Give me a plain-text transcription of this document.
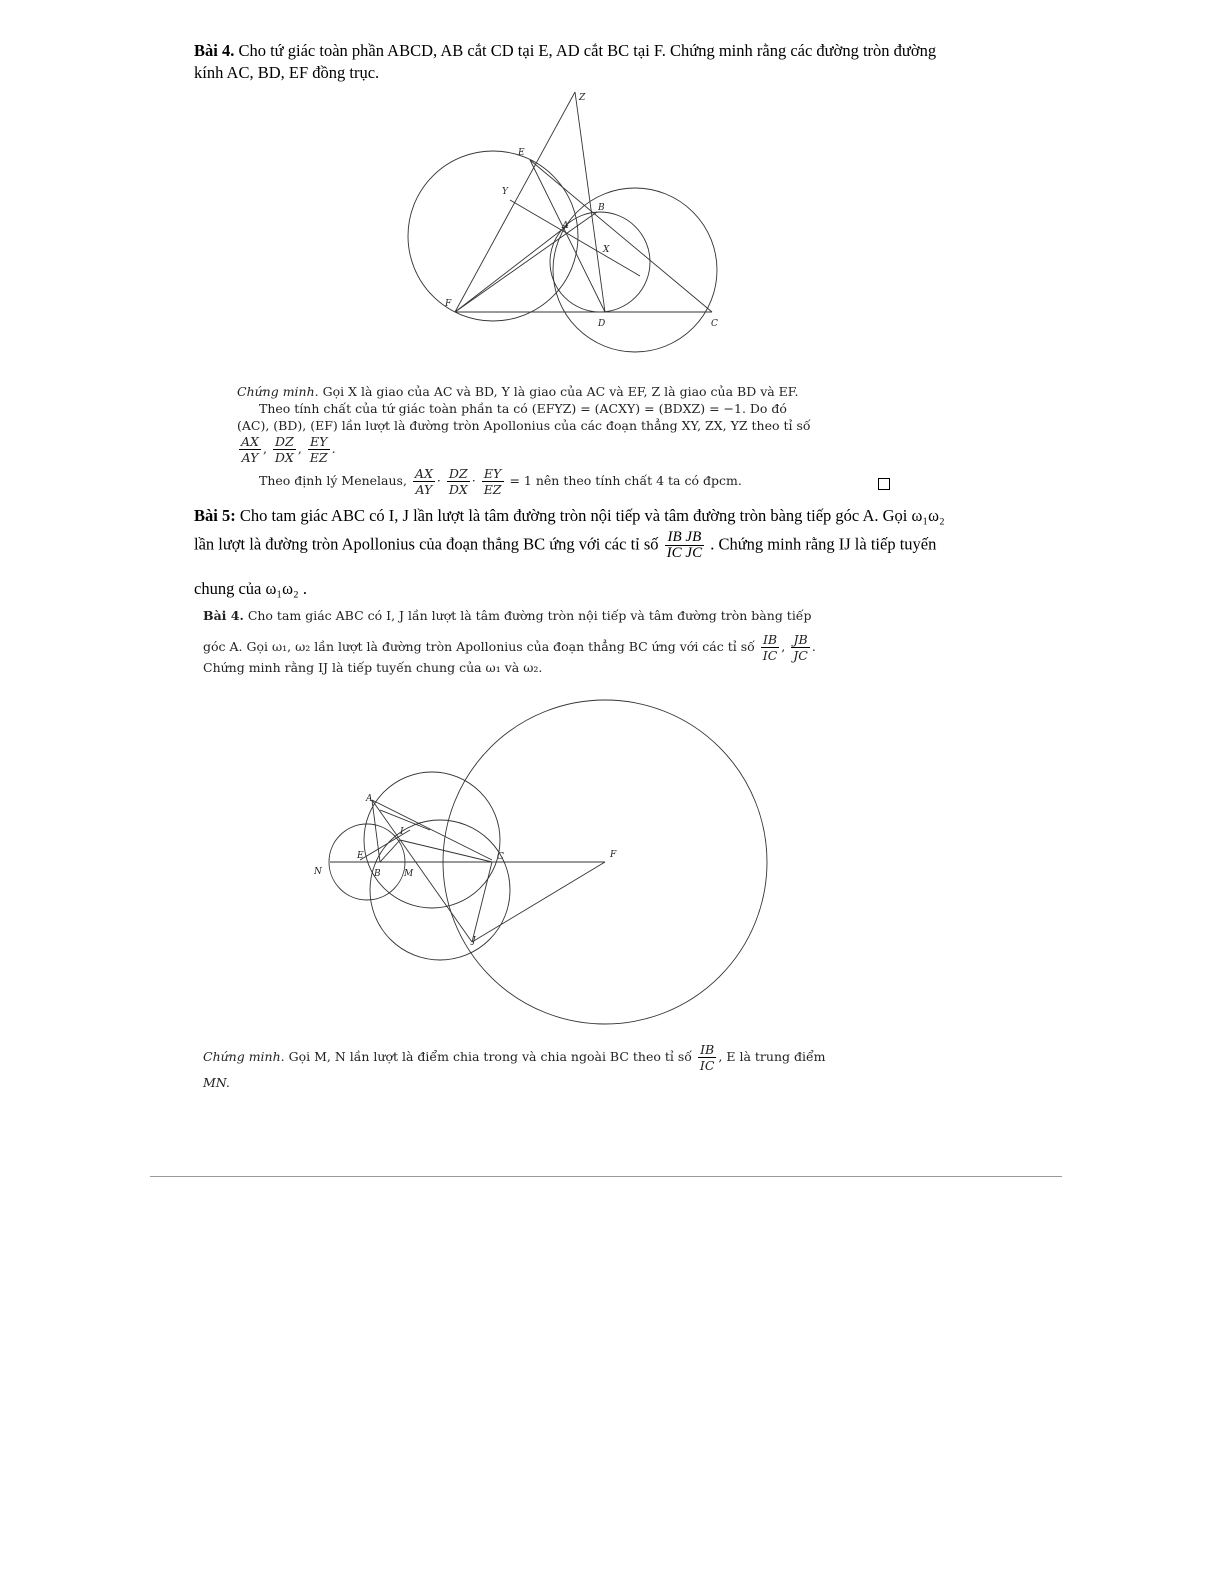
Bài 4. Cho tứ giác toàn phần ABCD, AB cắt CD tại E, AD cắt BC tại F. Chứng minh rằng các đường tròn đường
kính AC, BD, EF đồng trục.
Z
E
Y
B
A
X
F
D	C
Chứng minh. Gọi X là giao của AC và BD, Y là giao của AC và EF, Z là giao của BD và EF.
Theo tính chất của tứ giác toàn phần ta có (EFYZ) = (ACXY) = (BDXZ) = −1. Do đó
(AC), (BD), (EF) lần lượt là đường tròn Apollonius của các đoạn thẳng XY, ZX, YZ theo tỉ số
$\frac{AX}{AY}$ , $\frac{DZ}{DX}$ , $\frac{EY}{EZ}$ .
Theo định lý Menelaus, $\frac{AX}{AY} \cdot \frac{DZ}{DX} \cdot \frac{EY}{EZ} = 1$ nên theo tính chất 4 ta có đpcm.
Bài 5: Cho tam giác ABC có I, J lần lượt là tâm đường tròn nội tiếp và tâm đường tròn bàng tiếp góc A. Gọi ω₁ω₂
lần lượt là đường tròn Apollonius của đoạn thẳng BC ứng với các tỉ số $\frac{\text{IB JB}}{\text{IC JC}}$ . Chứng minh rằng IJ là tiếp tuyến
chung của ω₁ω₂ .
Bài 4. Cho tam giác ABC có I, J lần lượt là tâm đường tròn nội tiếp và tâm đường tròn bàng tiếp
góc A. Gọi ω₁, ω₂ lần lượt là đường tròn Apollonius của đoạn thẳng BC ứng với các tỉ số $\frac{IB}{IC}$ , $\frac{JB}{JC}$ .
Chứng minh rằng IJ là tiếp tuyến chung của ω₁ và ω₂.
A
I
E	C	F
N	B	M
J
Chứng minh. Gọi M, N lần lượt là điểm chia trong và chia ngoài BC theo tỉ số $\frac{IB}{IC}$ , E là trung điểm
MN.
